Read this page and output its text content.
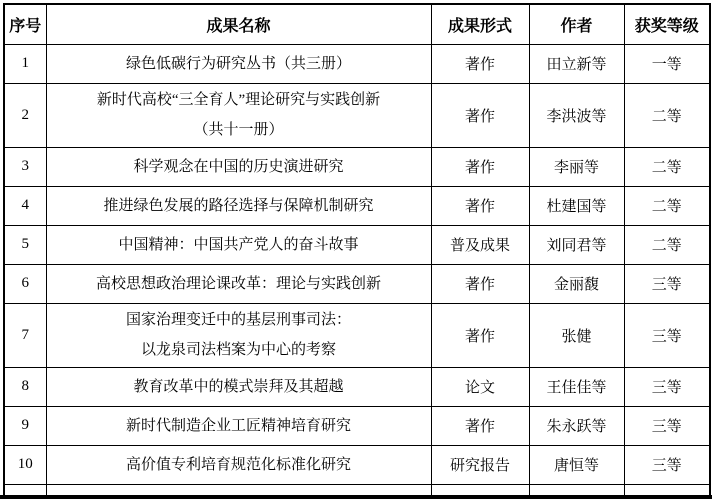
序号	成果名称	成果形式	作者	获奖等级
1	绿色低碳行为研究丛书（共三册）	著作	田立新等	一等
2	新时代高校“三全育人”理论研究与实践创新
（共十一册）	著作	李洪波等	二等
3	科学观念在中国的历史演进研究	著作	李丽等	二等
4	推进绿色发展的路径选择与保障机制研究	著作	杜建国等	二等
5	中国精神：中国共产党人的奋斗故事	普及成果	刘同君等	二等
6	高校思想政治理论课改革：理论与实践创新	著作	金丽馥	三等
7	国家治理变迁中的基层刑事司法：
以龙泉司法档案为中心的考察	著作	张健	三等
8	教育改革中的模式崇拜及其超越	论文	王佳佳等	三等
9	新时代制造企业工匠精神培育研究	著作	朱永跃等	三等
10	高价值专利培育规范化标准化研究	研究报告	唐恒等	三等
